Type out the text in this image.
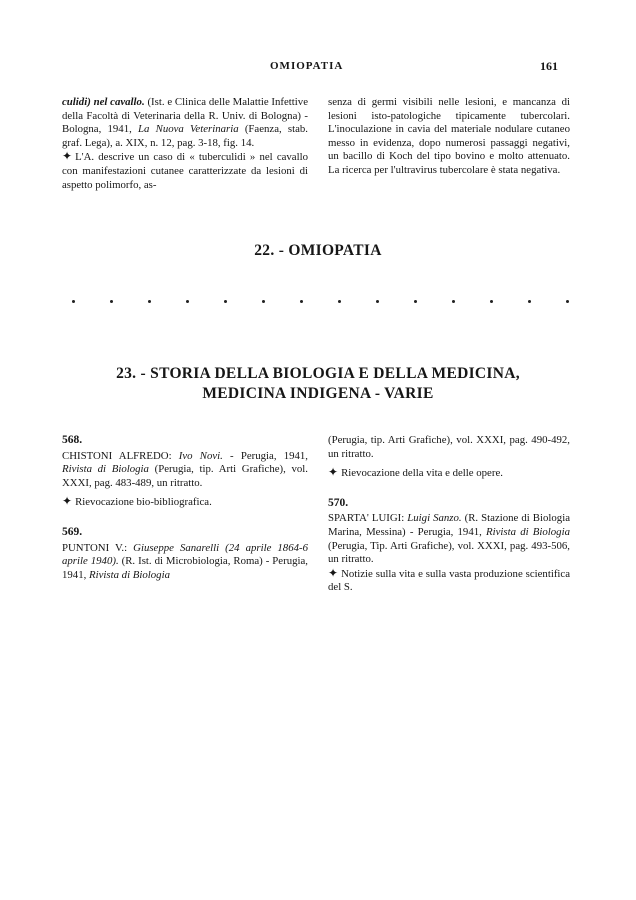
OMIOPATIA	161

culidi) nel cavallo. (Ist. e Clinica delle Malattie Infettive della Facoltà di Veterinaria della R. Univ. di Bologna) - Bologna, 1941, La Nuova Veterinaria (Faenza, stab. graf. Lega), a. XIX, n. 12, pag. 3-18, fig. 14.

✦ L'A. descrive un caso di « tuberculidi » nel cavallo con manifestazioni cutanee caratterizzate da lesioni di aspetto polimorfo, as-

senza di germi visibili nelle lesioni, e mancanza di lesioni isto-patologiche tipicamente tubercolari. L'inoculazione in cavia del materiale nodulare cutaneo messo in evidenza, dopo numerosi passaggi negativi, un bacillo di Koch del tipo bovino e molto attenuato. La ricerca per l'ultravirus tubercolare è stata negativa.

22. - OMIOPATIA
23. - STORIA DELLA BIOLOGIA E DELLA MEDICINA,
MEDICINA INDIGENA - VARIE

568.

CHISTONI ALFREDO: Ivo Novi. - Perugia, 1941, Rivista di Biologia (Perugia, tip. Arti Grafiche), vol. XXXI, pag. 483-489, un ritratto.

✦ Rievocazione bio-bibliografica.

569.

PUNTONI V.: Giuseppe Sanarelli (24 aprile 1864-6 aprile 1940). (R. Ist. di Microbiologia, Roma) - Perugia, 1941, Rivista di Biologia

(Perugia, tip. Arti Grafiche), vol. XXXI, pag. 490-492, un ritratto.

✦ Rievocazione della vita e delle opere.

570.

SPARTA' LUIGI: Luigi Sanzo. (R. Stazione di Biologia Marina, Messina) - Perugia, 1941, Rivista di Biologia (Perugia, Tip. Arti Grafiche), vol. XXXI, pag. 493-506, un ritratto.

✦ Notizie sulla vita e sulla vasta produzione scientifica del S.
